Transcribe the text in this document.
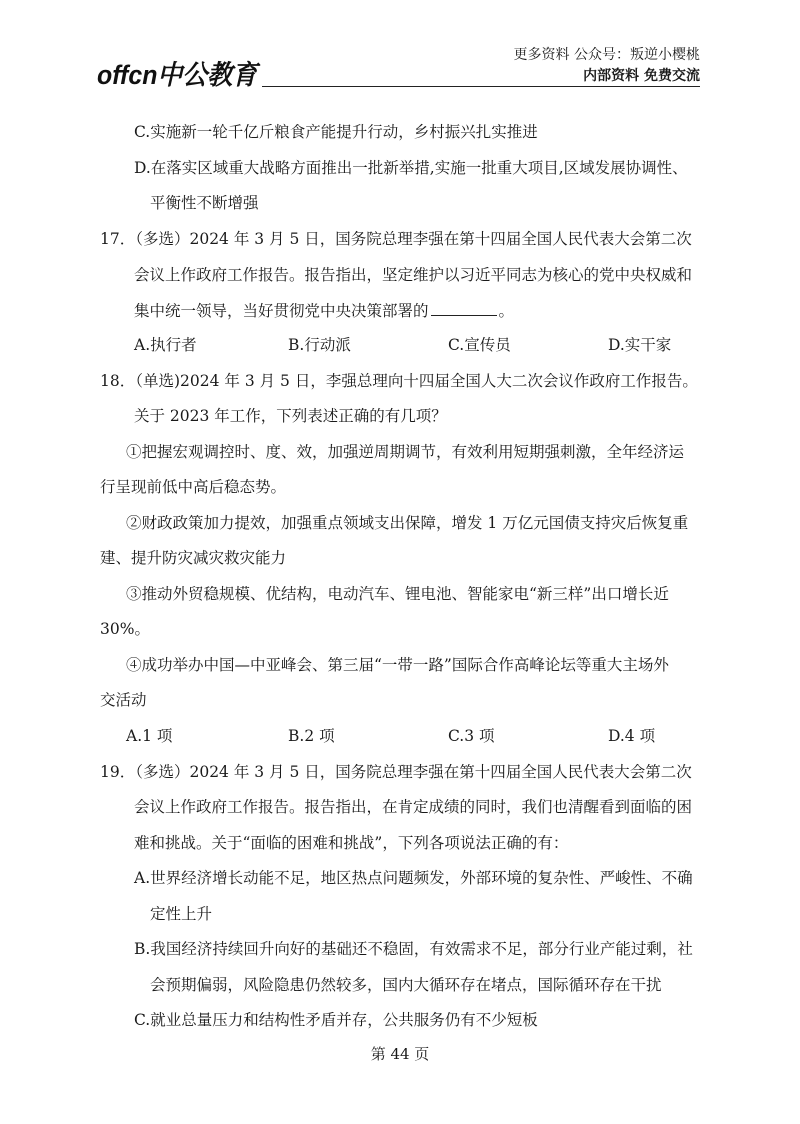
offcn中公教育
更多资料 公众号：叛逆小樱桃
内部资料 免费交流
C.实施新一轮千亿斤粮食产能提升行动，乡村振兴扎实推进
D.在落实区域重大战略方面推出一批新举措,实施一批重大项目,区域发展协调性、
平衡性不断增强
17．（多选）2024 年 3 月 5 日，国务院总理李强在第十四届全国人民代表大会第二次
会议上作政府工作报告。报告指出，坚定维护以习近平同志为核心的党中央权威和
集中统一领导，当好贯彻党中央决策部署的	。
A.执行者	B.行动派	C.宣传员	D.实干家
18．（单选)2024 年 3 月 5 日，李强总理向十四届全国人大二次会议作政府工作报告。
关于 2023 年工作，下列表述正确的有几项？
①把握宏观调控时、度、效，加强逆周期调节，有效利用短期强刺激，全年经济运
行呈现前低中高后稳态势。
②财政政策加力提效，加强重点领域支出保障，增发 1 万亿元国债支持灾后恢复重
建、提升防灾减灾救灾能力
③推动外贸稳规模、优结构，电动汽车、锂电池、智能家电“新三样”出口增长近
30%。
④成功举办中国—中亚峰会、第三届“一带一路”国际合作高峰论坛等重大主场外
交活动
A.1 项	B.2 项	C.3 项	D.4 项
19．（多选）2024 年 3 月 5 日，国务院总理李强在第十四届全国人民代表大会第二次
会议上作政府工作报告。报告指出，在肯定成绩的同时，我们也清醒看到面临的困
难和挑战。关于“面临的困难和挑战”，下列各项说法正确的有：
A.世界经济增长动能不足，地区热点问题频发，外部环境的复杂性、严峻性、不确
定性上升
B.我国经济持续回升向好的基础还不稳固，有效需求不足，部分行业产能过剩，社
会预期偏弱，风险隐患仍然较多，国内大循环存在堵点，国际循环存在干扰
C.就业总量压力和结构性矛盾并存，公共服务仍有不少短板
第 44 页
